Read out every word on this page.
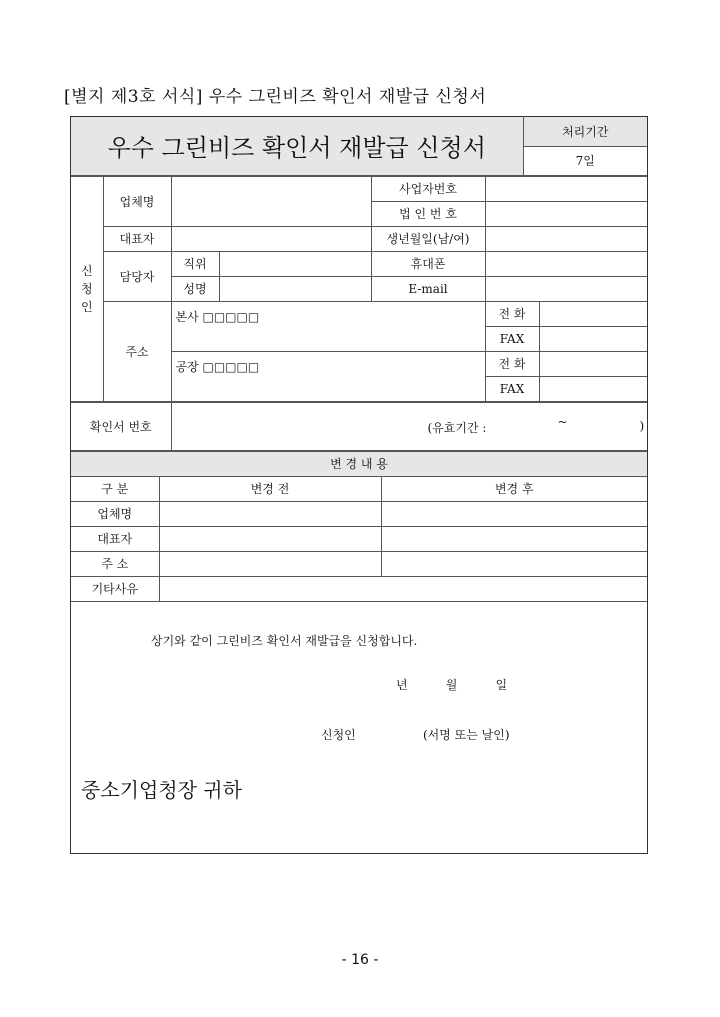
[별지 제3호 서식] 우수 그린비즈 확인서 재발급 신청서
우수 그린비즈 확인서 재발급 신청서	처리기간
7일
신
청
인	업체명			사업자번호		
				법 인 번 호		
	대표자			생년월일(남/여)		
	담당자	직위		휴대폰		
		성명		E-mail		
	주소	본사 □□□□□			전 화	
					FAX	
		공장 □□□□□			전 화	
					FAX	
확인서 번호	(유효기간 :	~	)
변 경 내 용		
구 분	변경 전	변경 후
업체명		
대표자		
주 소		
기타사유		
상기와 같이 그린비즈 확인서 재발급을 신청합니다.
년          월          일
신청인	(서명 또는 날인)
중소기업청장 귀하
- 16 -
